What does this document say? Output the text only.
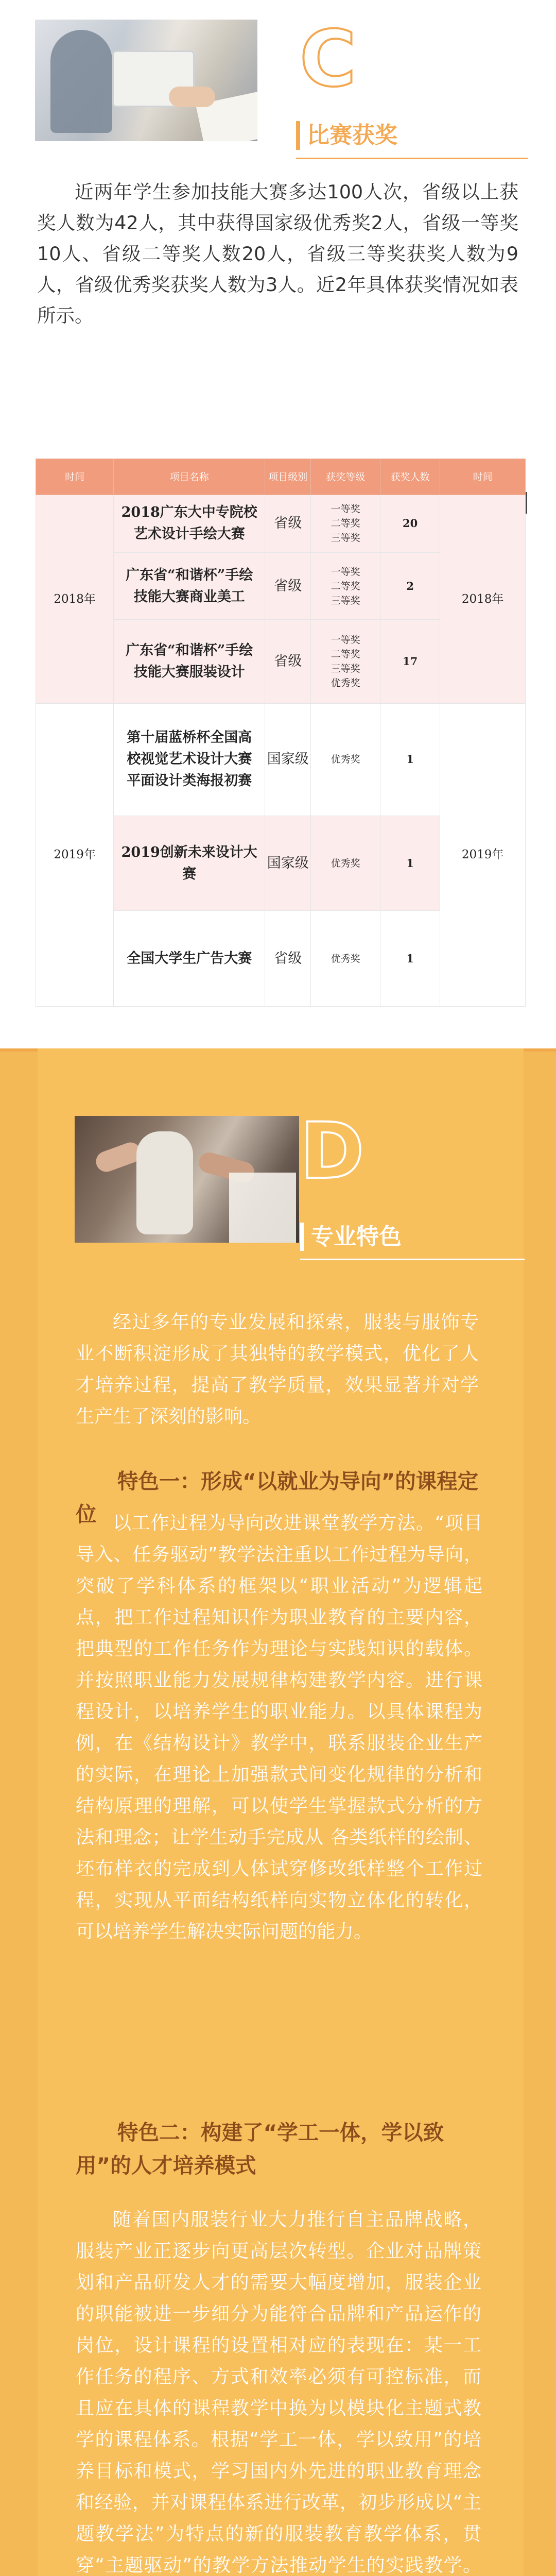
C
比赛获奖

近两年学生参加技能大赛多达100人次，省级以上获奖人数为42人，其中获得国家级优秀奖2人，省级一等奖10人、省级二等奖人数20人，省级三等奖获奖人数为9人，省级优秀奖获奖人数为3人。近2年具体获奖情况如表所示。

时间	项目名称	项目级别	获奖等级	获奖人数	时间
2018年	2018广东大中专院校艺术设计手绘大赛	省级	一等奖
二等奖
三等奖	20	2018年
	广东省“和谐杯”手绘技能大赛商业美工	省级	一等奖
二等奖
三等奖	2	
	广东省“和谐杯”手绘技能大赛服装设计	省级	一等奖
二等奖
三等奖
优秀奖	17	
2019年	第十届蓝桥杯全国高校视觉艺术设计大赛平面设计类海报初赛	国家级	优秀奖	1	2019年
	2019创新未来设计大赛	国家级	优秀奖	1	
	全国大学生广告大赛	省级	优秀奖	1	
D
专业特色

经过多年的专业发展和探索，服装与服饰专业不断积淀形成了其独特的教学模式，优化了人才培养过程，提高了教学质量，效果显著并对学生产生了深刻的影响。

特色一：形成“以就业为导向”的课程定位 以工作过程为导向改进课堂教学方法。“项目导入、任务驱动”教学法注重以工作过程为导向，突破了学科体系的框架以“职业活动”为逻辑起点，把工作过程知识作为职业教育的主要内容，把典型的工作任务作为理论与实践知识的载体。并按照职业能力发展规律构建教学内容。进行课程设计，以培养学生的职业能力。以具体课程为例，在《结构设计》教学中，联系服装企业生产的实际，在理论上加强款式间变化规律的分析和结构原理的理解，可以使学生掌握款式分析的方法和理念；让学生动手完成从 各类纸样的绘制、坯布样衣的完成到人体试穿修改纸样整个工作过程，实现从平面结构纸样向实物立体化的转化，可以培养学生解决实际问题的能力。

特色二：构建了“学工一体，学以致用”的人才培养模式

随着国内服装行业大力推行自主品牌战略，服装产业正逐步向更高层次转型。企业对品牌策划和产品研发人才的需要大幅度增加，服装企业的职能被进一步细分为能符合品牌和产品运作的岗位，设计课程的设置相对应的表现在：某一工作任务的程序、方式和效率必须有可控标准，而且应在具体的课程教学中换为以模块化主题式教学的课程体系。根据“学工一体，学以致用”的培养目标和模式，学习国内外先进的职业教育理念和经验，并对课程体系进行改革，初步形成以“主题教学法”为特点的新的服装教育教学体系，贯穿“主题驱动”的教学方法推动学生的实践教学。
